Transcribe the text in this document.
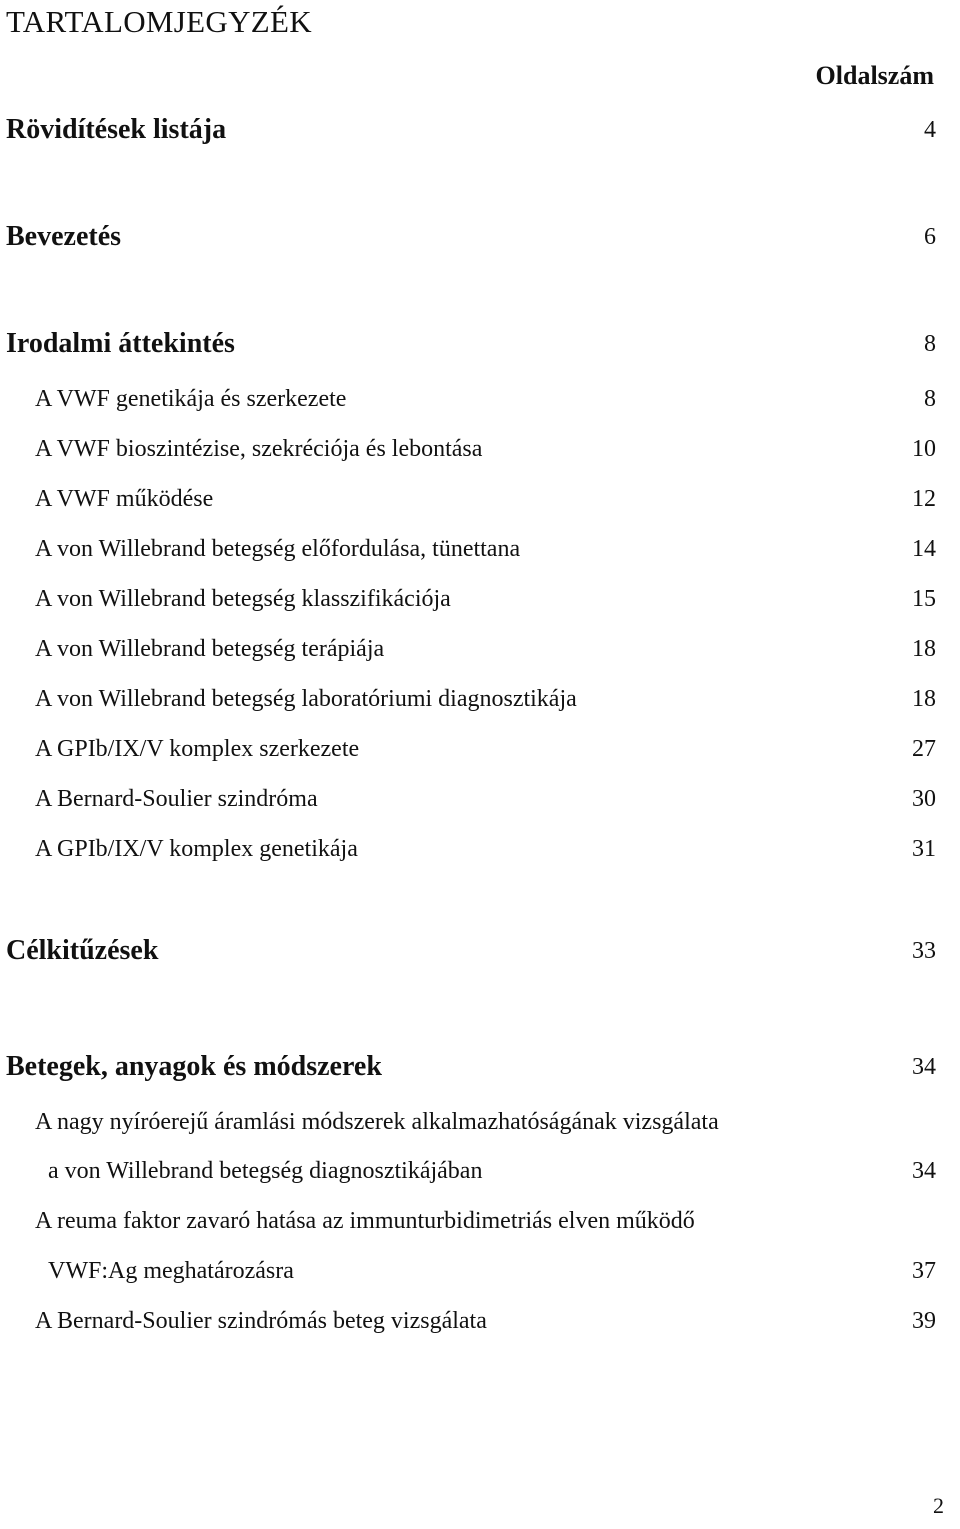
TARTALOMJEGYZÉK
Oldalszám
Rövidítések listája	4
Bevezetés	6
Irodalmi áttekintés	8
A VWF genetikája és szerkezete	8
A VWF bioszintézise, szekréciója és lebontása	10
A VWF működése	12
A von Willebrand betegség előfordulása, tünettana	14
A von Willebrand betegség klasszifikációja	15
A von Willebrand betegség terápiája	18
A von Willebrand betegség laboratóriumi diagnosztikája	18
A GPIb/IX/V komplex szerkezete	27
A Bernard-Soulier szindróma	30
A GPIb/IX/V komplex genetikája	31
Célkitűzések	33
Betegek, anyagok és módszerek	34
A nagy nyíróerejű áramlási módszerek alkalmazhatóságának vizsgálata
a von Willebrand betegség diagnosztikájában	34
A reuma faktor zavaró hatása az immunturbidimetriás elven működő
VWF:Ag meghatározásra	37
A Bernard-Soulier szindrómás beteg vizsgálata	39
2
